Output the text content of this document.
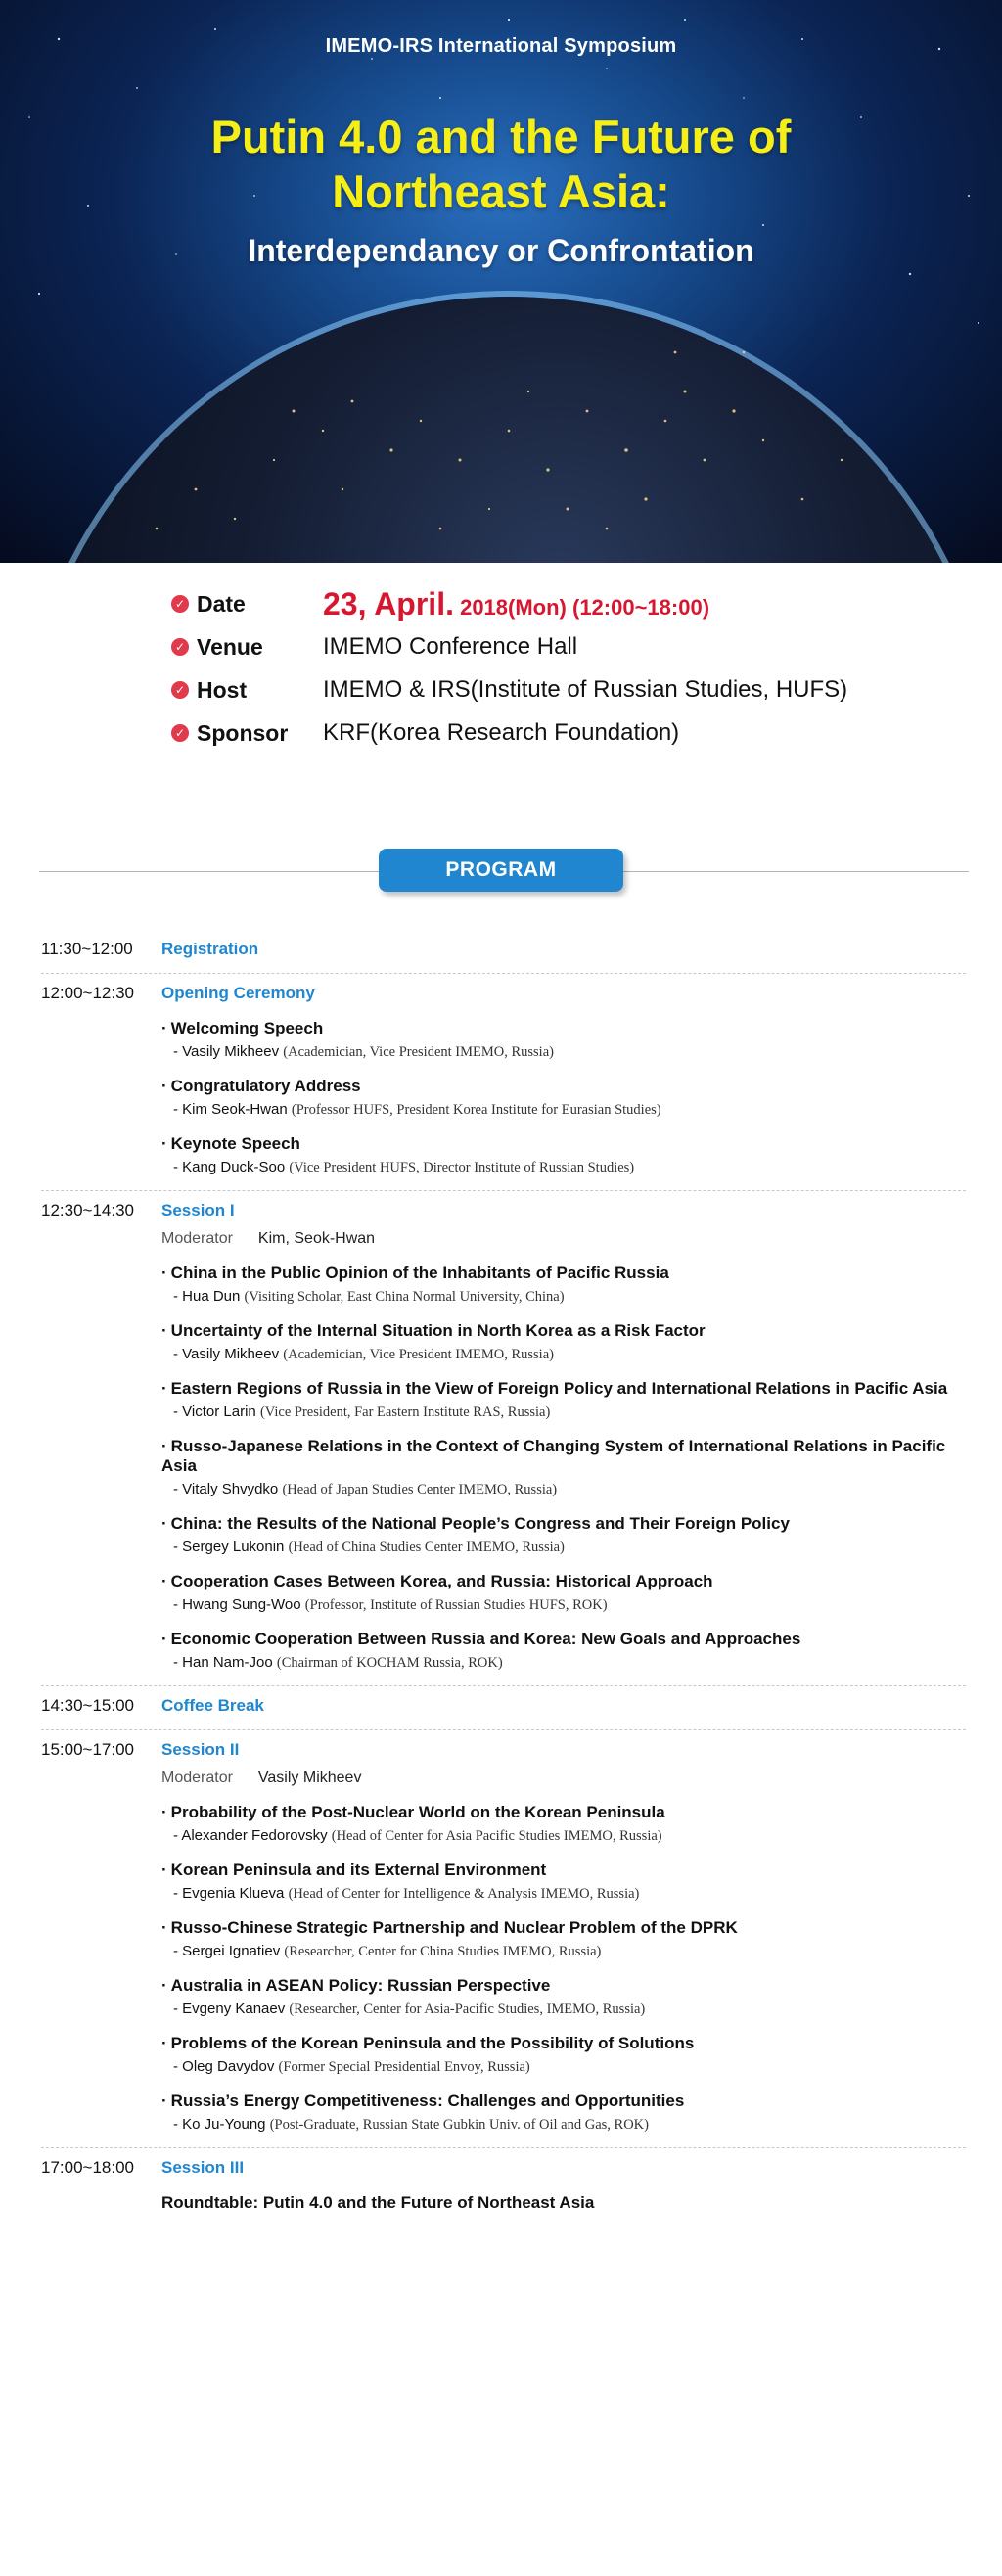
IMEMO-IRS International Symposium
Putin 4.0 and the Future of
Northeast Asia:
Interdependancy or Confrontation
✓ Date 23, April. 2018(Mon) (12:00~18:00)
✓ Venue	IMEMO Conference Hall
✓ Host	IMEMO & IRS(Institute of Russian Studies, HUFS)
✓ Sponsor KRF(Korea Research Foundation)
PROGRAM
11:30~12:00	Registration
12:00~12:30	Opening Ceremony
· Welcoming Speech
- Vasily Mikheev (Academician, Vice President IMEMO, Russia)
· Congratulatory Address
- Kim Seok-Hwan (Professor HUFS, President Korea Institute for Eurasian Studies)
· Keynote Speech
- Kang Duck-Soo (Vice President HUFS, Director Institute of Russian Studies)
12:30~14:30	Session I
Moderator Kim, Seok-Hwan
· China in the Public Opinion of the Inhabitants of Pacific Russia
- Hua Dun (Visiting Scholar, East China Normal University, China)
· Uncertainty of the Internal Situation in North Korea as a Risk Factor
- Vasily Mikheev (Academician, Vice President IMEMO, Russia)
· Eastern Regions of Russia in the View of Foreign Policy and International Relations in Pacific Asia
- Victor Larin (Vice President, Far Eastern Institute RAS, Russia)
· Russo-Japanese Relations in the Context of Changing System of International Relations in Pacific Asia
- Vitaly Shvydko (Head of Japan Studies Center IMEMO, Russia)
· China: the Results of the National People’s Congress and Their Foreign Policy
- Sergey Lukonin (Head of China Studies Center IMEMO, Russia)
· Cooperation Cases Between Korea, and Russia: Historical Approach
- Hwang Sung-Woo (Professor, Institute of Russian Studies HUFS, ROK)
· Economic Cooperation Between Russia and Korea: New Goals and Approaches
- Han Nam-Joo (Chairman of KOCHAM Russia, ROK)
14:30~15:00	Coffee Break
15:00~17:00	Session II
Moderator Vasily Mikheev
· Probability of the Post-Nuclear World on the Korean Peninsula
- Alexander Fedorovsky (Head of Center for Asia Pacific Studies IMEMO, Russia)
· Korean Peninsula and its External Environment
- Evgenia Klueva (Head of Center for Intelligence & Analysis IMEMO, Russia)
· Russo-Chinese Strategic Partnership and Nuclear Problem of the DPRK
- Sergei Ignatiev (Researcher, Center for China Studies IMEMO, Russia)
· Australia in ASEAN Policy: Russian Perspective
- Evgeny Kanaev (Researcher, Center for Asia-Pacific Studies, IMEMO, Russia)
· Problems of the Korean Peninsula and the Possibility of Solutions
- Oleg Davydov (Former Special Presidential Envoy, Russia)
· Russia’s Energy Competitiveness: Challenges and Opportunities
- Ko Ju-Young (Post-Graduate, Russian State Gubkin Univ. of Oil and Gas, ROK)
17:00~18:00	Session III
Roundtable: Putin 4.0 and the Future of Northeast Asia
